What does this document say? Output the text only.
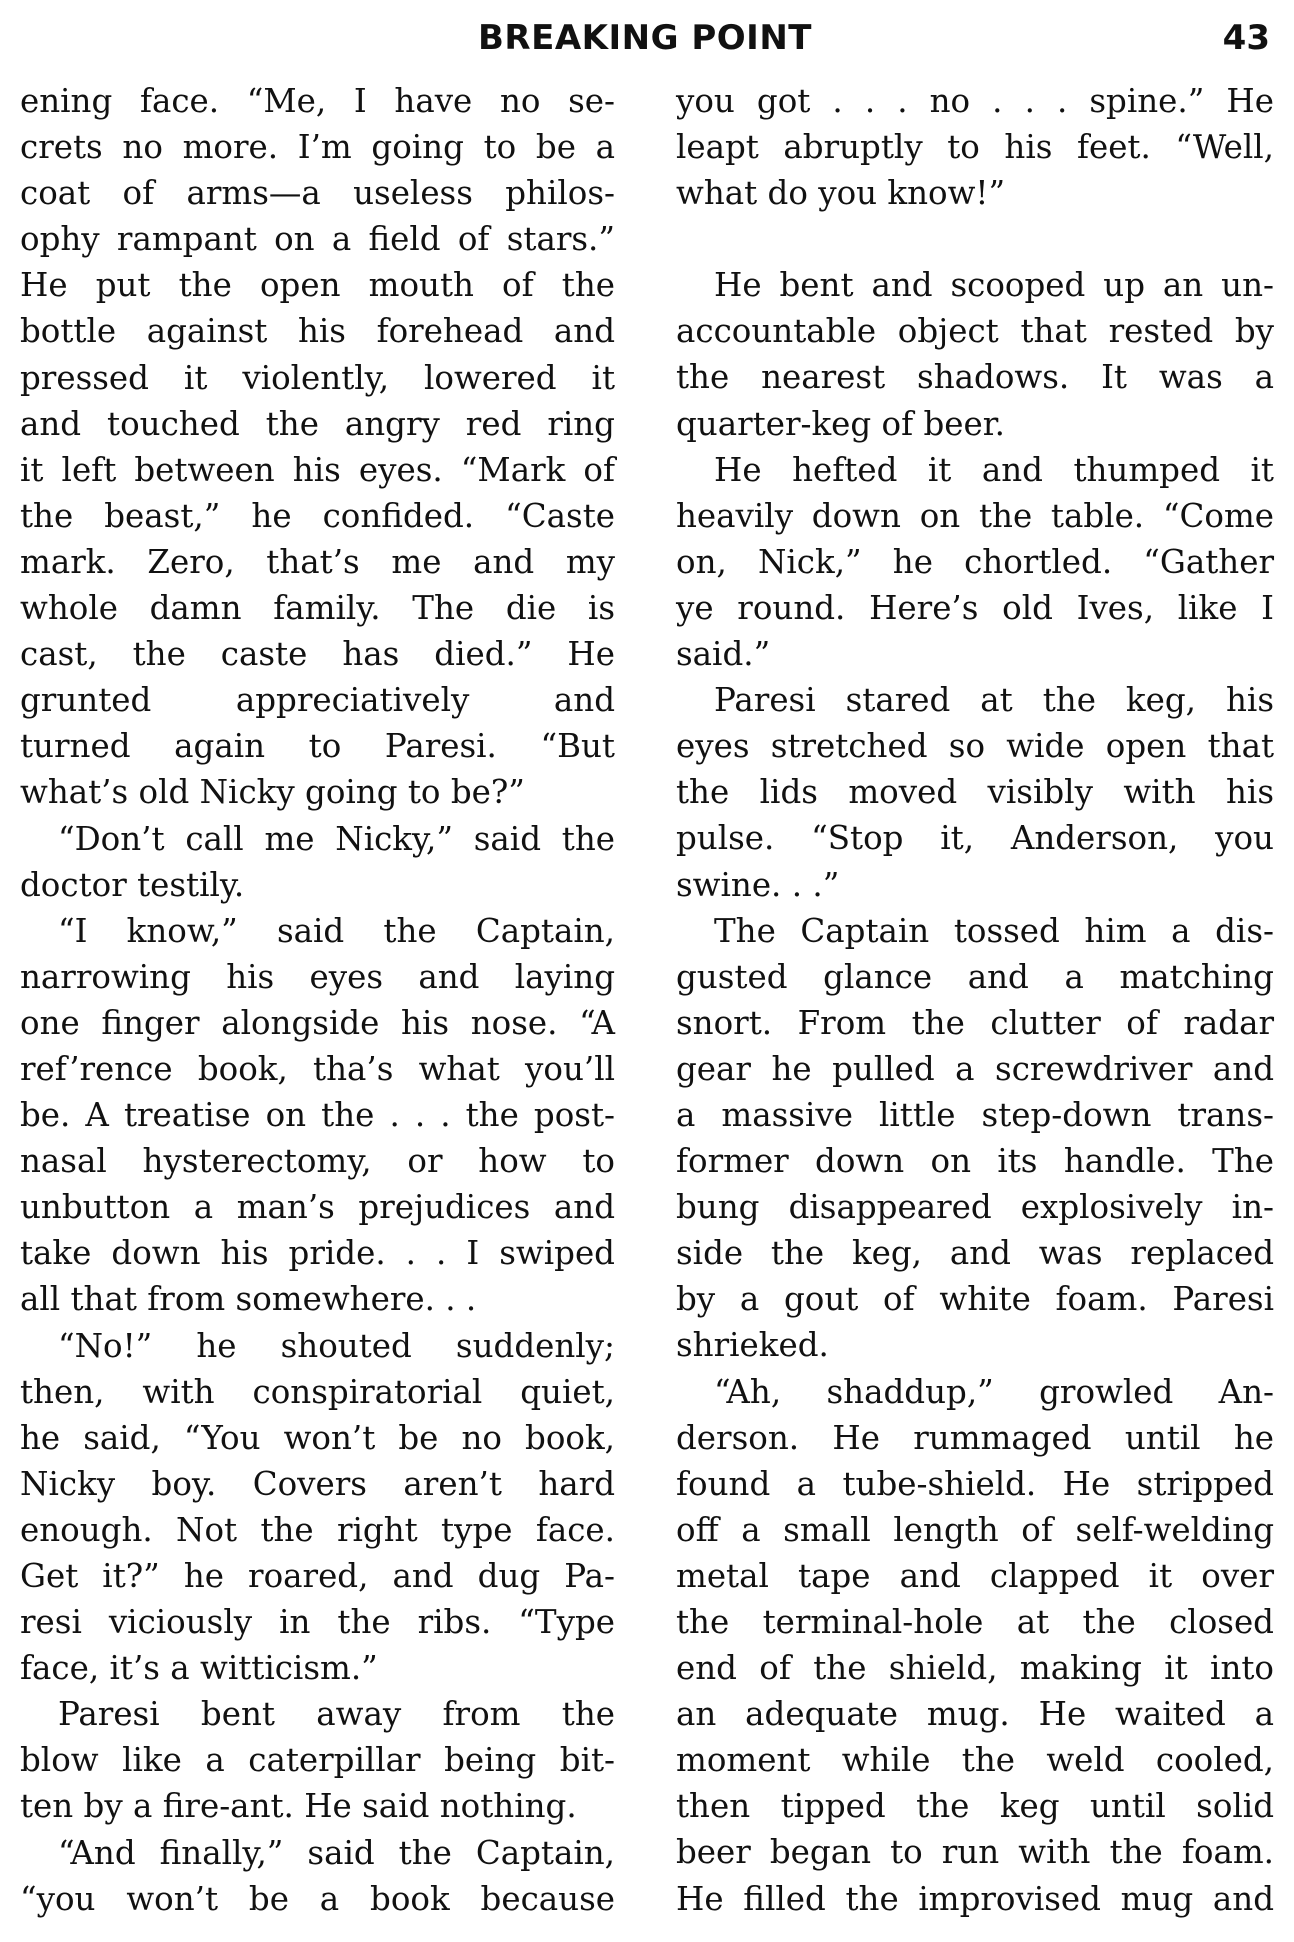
BREAKING POINT	43

ening face. “Me, I have no se-

crets no more. I’m going to be a

coat of arms—a useless philos-

ophy rampant on a field of stars.”

He put the open mouth of the

bottle against his forehead and

pressed it violently, lowered it

and touched the angry red ring

it left between his eyes. “Mark of

the beast,” he confided. “Caste

mark. Zero, that’s me and my

whole damn family. The die is

cast, the caste has died.” He

grunted appreciatively and

turned again to Paresi. “But

what’s old Nicky going to be?”

“Don’t call me Nicky,” said the

doctor testily.

“I know,” said the Captain,

narrowing his eyes and laying

one finger alongside his nose. “A

ref’rence book, tha’s what you’ll

be. A treatise on the . . . the post-

nasal hysterectomy, or how to

unbutton a man’s prejudices and

take down his pride. . . I swiped

all that from somewhere. . .

“No!” he shouted suddenly;

then, with conspiratorial quiet,

he said, “You won’t be no book,

Nicky boy. Covers aren’t hard

enough. Not the right type face.

Get it?” he roared, and dug Pa-

resi viciously in the ribs. “Type

face, it’s a witticism.”

Paresi bent away from the

blow like a caterpillar being bit-

ten by a fire-ant. He said nothing.

“And finally,” said the Captain,

“you won’t be a book because

you got . . . no . . . spine.” He

leapt abruptly to his feet. “Well,

what do you know!”

He bent and scooped up an un-

accountable object that rested by

the nearest shadows. It was a

quarter-keg of beer.

He hefted it and thumped it

heavily down on the table. “Come

on, Nick,” he chortled. “Gather

ye round. Here’s old Ives, like I

said.”

Paresi stared at the keg, his

eyes stretched so wide open that

the lids moved visibly with his

pulse. “Stop it, Anderson, you

swine. . .”

The Captain tossed him a dis-

gusted glance and a matching

snort. From the clutter of radar

gear he pulled a screwdriver and

a massive little step-down trans-

former down on its handle. The

bung disappeared explosively in-

side the keg, and was replaced

by a gout of white foam. Paresi

shrieked.

“Ah, shaddup,” growled An-

derson. He rummaged until he

found a tube-shield. He stripped

off a small length of self-welding

metal tape and clapped it over

the terminal-hole at the closed

end of the shield, making it into

an adequate mug. He waited a

moment while the weld cooled,

then tipped the keg until solid

beer began to run with the foam.

He filled the improvised mug and
